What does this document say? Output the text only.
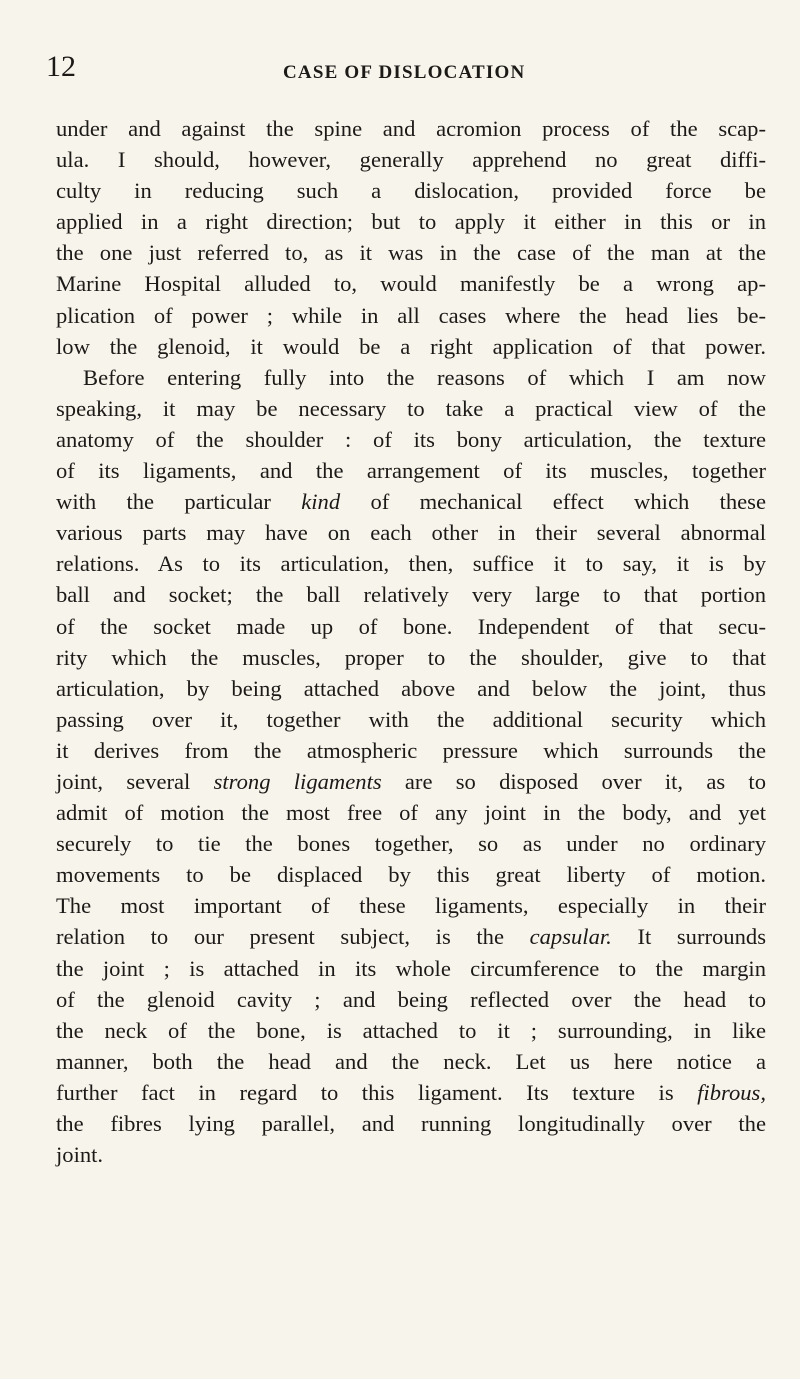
12	CASE OF DISLOCATION
under and against the spine and acromion process of the scap-
ula. I should, however, generally apprehend no great diffi-
culty in reducing such a dislocation, provided force be
applied in a right direction; but to apply it either in this or in
the one just referred to, as it was in the case of the man at the
Marine Hospital alluded to, would manifestly be a wrong ap-
plication of power ; while in all cases where the head lies be-
low the glenoid, it would be a right application of that power.
Before entering fully into the reasons of which I am now
speaking, it may be necessary to take a practical view of the
anatomy of the shoulder : of its bony articulation, the texture
of its ligaments, and the arrangement of its muscles, together
with the particular kind of mechanical effect which these
various parts may have on each other in their several abnormal
relations. As to its articulation, then, suffice it to say, it is by
ball and socket; the ball relatively very large to that portion
of the socket made up of bone. Independent of that secu-
rity which the muscles, proper to the shoulder, give to that
articulation, by being attached above and below the joint, thus
passing over it, together with the additional security which
it derives from the atmospheric pressure which surrounds the
joint, several strong ligaments are so disposed over it, as to
admit of motion the most free of any joint in the body, and yet
securely to tie the bones together, so as under no ordinary
movements to be displaced by this great liberty of motion.
The most important of these ligaments, especially in their
relation to our present subject, is the capsular. It surrounds
the joint ; is attached in its whole circumference to the margin
of the glenoid cavity ; and being reflected over the head to
the neck of the bone, is attached to it ; surrounding, in like
manner, both the head and the neck. Let us here notice a
further fact in regard to this ligament. Its texture is fibrous,
the fibres lying parallel, and running longitudinally over the
joint.
